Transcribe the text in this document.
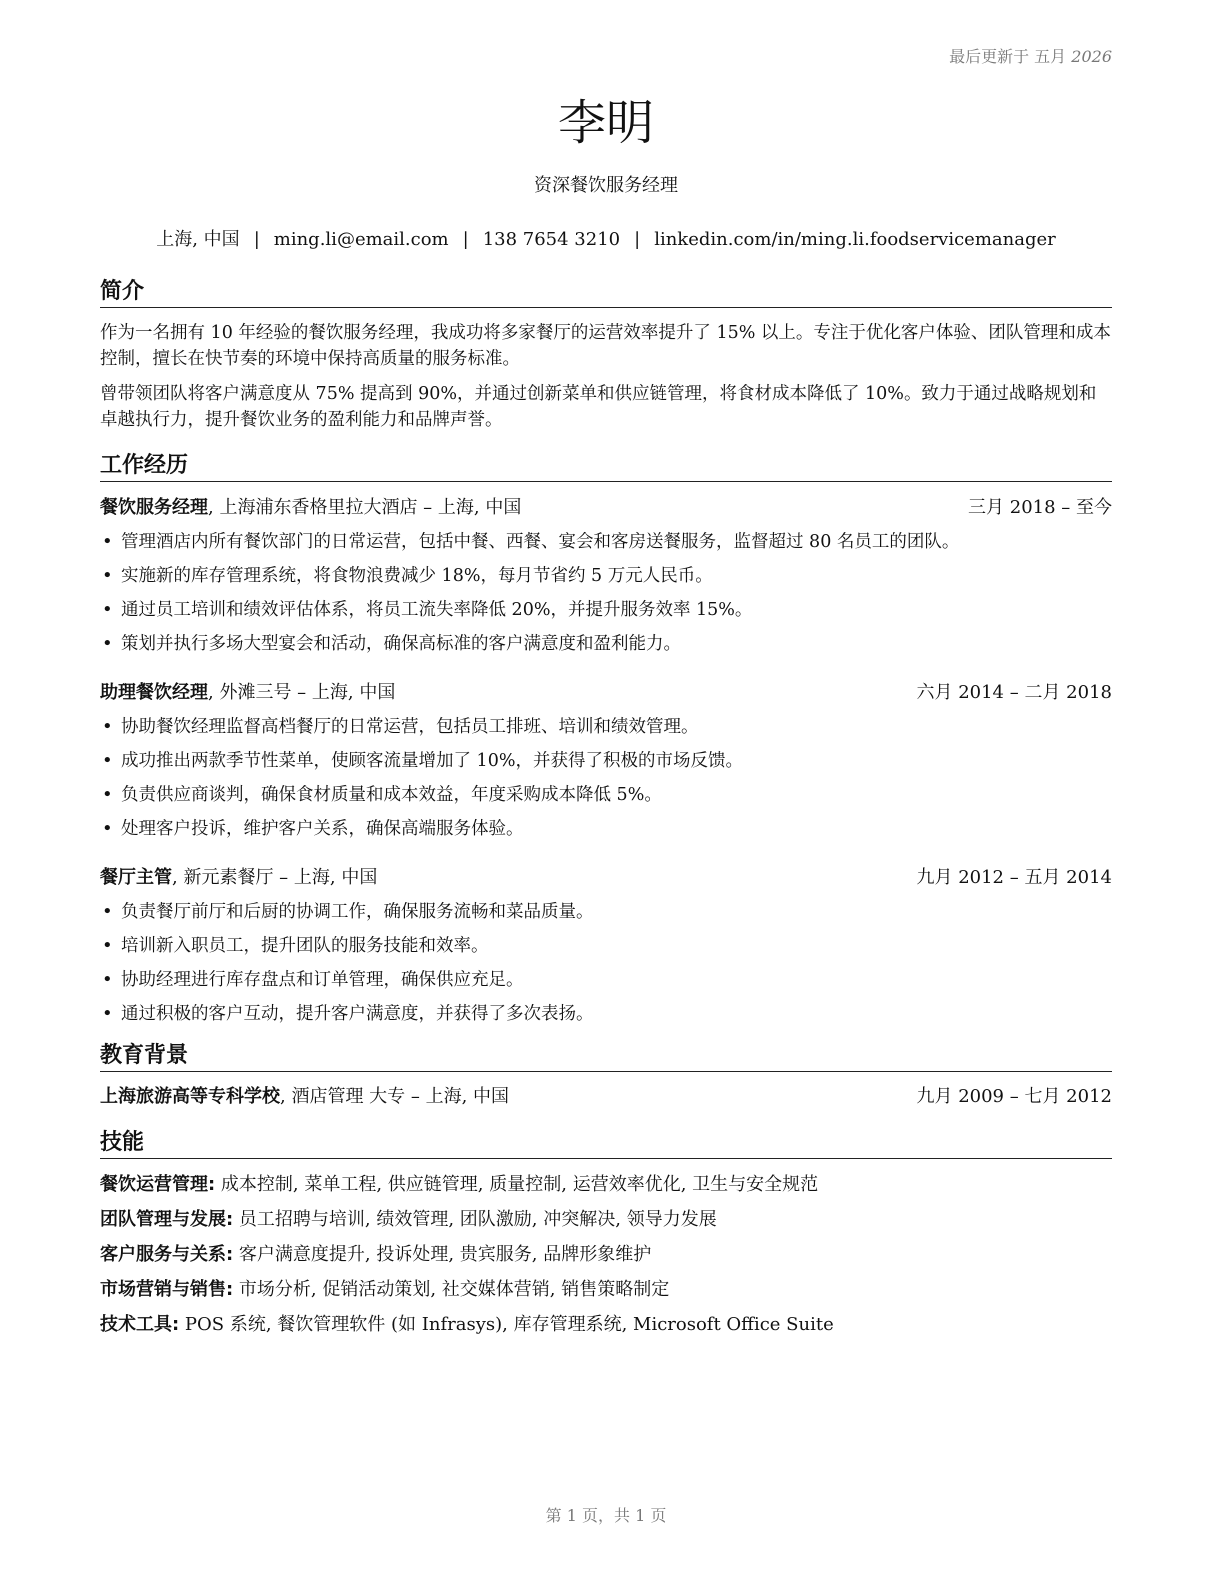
最后更新于 五月 2026
李明
资深餐饮服务经理
上海, 中国 | ming.li@email.com | 138 7654 3210 | linkedin.com/in/ming.li.foodservicemanager
简介

作为一名拥有 10 年经验的餐饮服务经理，我成功将多家餐厅的运营效率提升了 15% 以上。专注于优化客户体验、团队管理和成本控制，擅长在快节奏的环境中保持高质量的服务标准。

曾带领团队将客户满意度从 75% 提高到 90%，并通过创新菜单和供应链管理，将食材成本降低了 10%。致力于通过战略规划和卓越执行力，提升餐饮业务的盈利能力和品牌声誉。

工作经历
餐饮服务经理, 上海浦东香格里拉大酒店 – 上海, 中国	三月 2018 – 至今
• 管理酒店内所有餐饮部门的日常运营，包括中餐、西餐、宴会和客房送餐服务，监督超过 80 名员工的团队。
• 实施新的库存管理系统，将食物浪费减少 18%，每月节省约 5 万元人民币。
• 通过员工培训和绩效评估体系，将员工流失率降低 20%，并提升服务效率 15%。
• 策划并执行多场大型宴会和活动，确保高标准的客户满意度和盈利能力。
助理餐饮经理, 外滩三号 – 上海, 中国	六月 2014 – 二月 2018
• 协助餐饮经理监督高档餐厅的日常运营，包括员工排班、培训和绩效管理。
• 成功推出两款季节性菜单，使顾客流量增加了 10%，并获得了积极的市场反馈。
• 负责供应商谈判，确保食材质量和成本效益，年度采购成本降低 5%。
• 处理客户投诉，维护客户关系，确保高端服务体验。
餐厅主管, 新元素餐厅 – 上海, 中国	九月 2012 – 五月 2014
• 负责餐厅前厅和后厨的协调工作，确保服务流畅和菜品质量。
• 培训新入职员工，提升团队的服务技能和效率。
• 协助经理进行库存盘点和订单管理，确保供应充足。
• 通过积极的客户互动，提升客户满意度，并获得了多次表扬。
教育背景
上海旅游高等专科学校, 酒店管理 大专 – 上海, 中国	九月 2009 – 七月 2012
技能
餐饮运营管理: 成本控制, 菜单工程, 供应链管理, 质量控制, 运营效率优化, 卫生与安全规范
团队管理与发展: 员工招聘与培训, 绩效管理, 团队激励, 冲突解决, 领导力发展
客户服务与关系: 客户满意度提升, 投诉处理, 贵宾服务, 品牌形象维护
市场营销与销售: 市场分析, 促销活动策划, 社交媒体营销, 销售策略制定
技术工具: POS 系统, 餐饮管理软件 (如 Infrasys), 库存管理系统, Microsoft Office Suite
第 1 页，共 1 页
